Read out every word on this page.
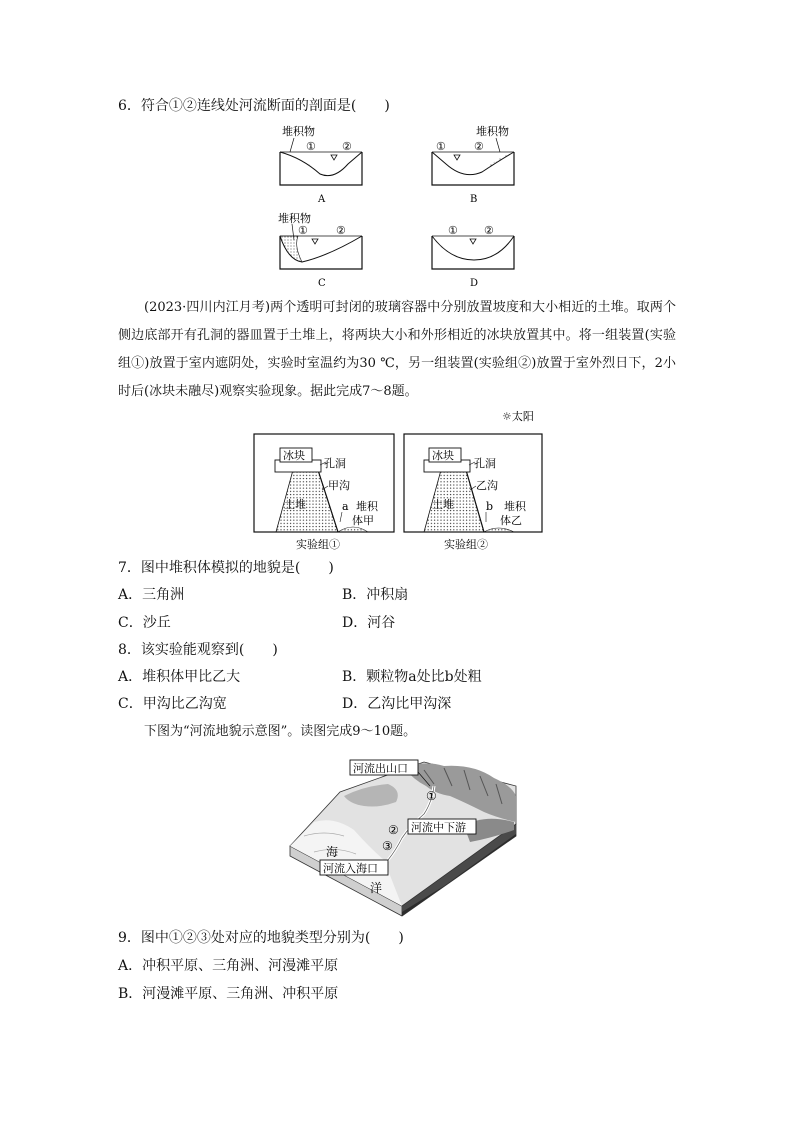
6．符合①②连线处河流断面的剖面是(　　)
堆积物
① ②
A
堆积物
①	②
B
堆积物
①	②
C
① ②
D
(2023·四川内江月考)两个透明可封闭的玻璃容器中分别放置坡度和大小相近的土堆。取两个侧边底部开有孔洞的器皿置于土堆上，将两块大小和外形相近的冰块放置其中。将一组装置(实验组①)放置于室内遮阴处，实验时室温约为30 ℃，另一组装置(实验组②)放置于室外烈日下，2小时后(冰块未融尽)观察实验现象。据此完成7～8题。
☼太阳
冰块
孔洞
甲沟
土堆	a 堆积
体甲
实验组①
冰块
孔洞
乙沟
土堆	b 堆积
体乙
实验组②
7．图中堆积体模拟的地貌是(　　)
A．三角洲	B．冲积扇
C．沙丘	D．河谷
8．该实验能观察到(　　)
A．堆积体甲比乙大	B．颗粒物a处比b处粗
C．甲沟比乙沟宽	D．乙沟比甲沟深
下图为“河流地貌示意图”。读图完成9～10题。
河流出山口
①
河流中下游
②
③
海
河流入海口
洋
9．图中①②③处对应的地貌类型分别为(　　)
A．冲积平原、三角洲、河漫滩平原
B．河漫滩平原、三角洲、冲积平原
